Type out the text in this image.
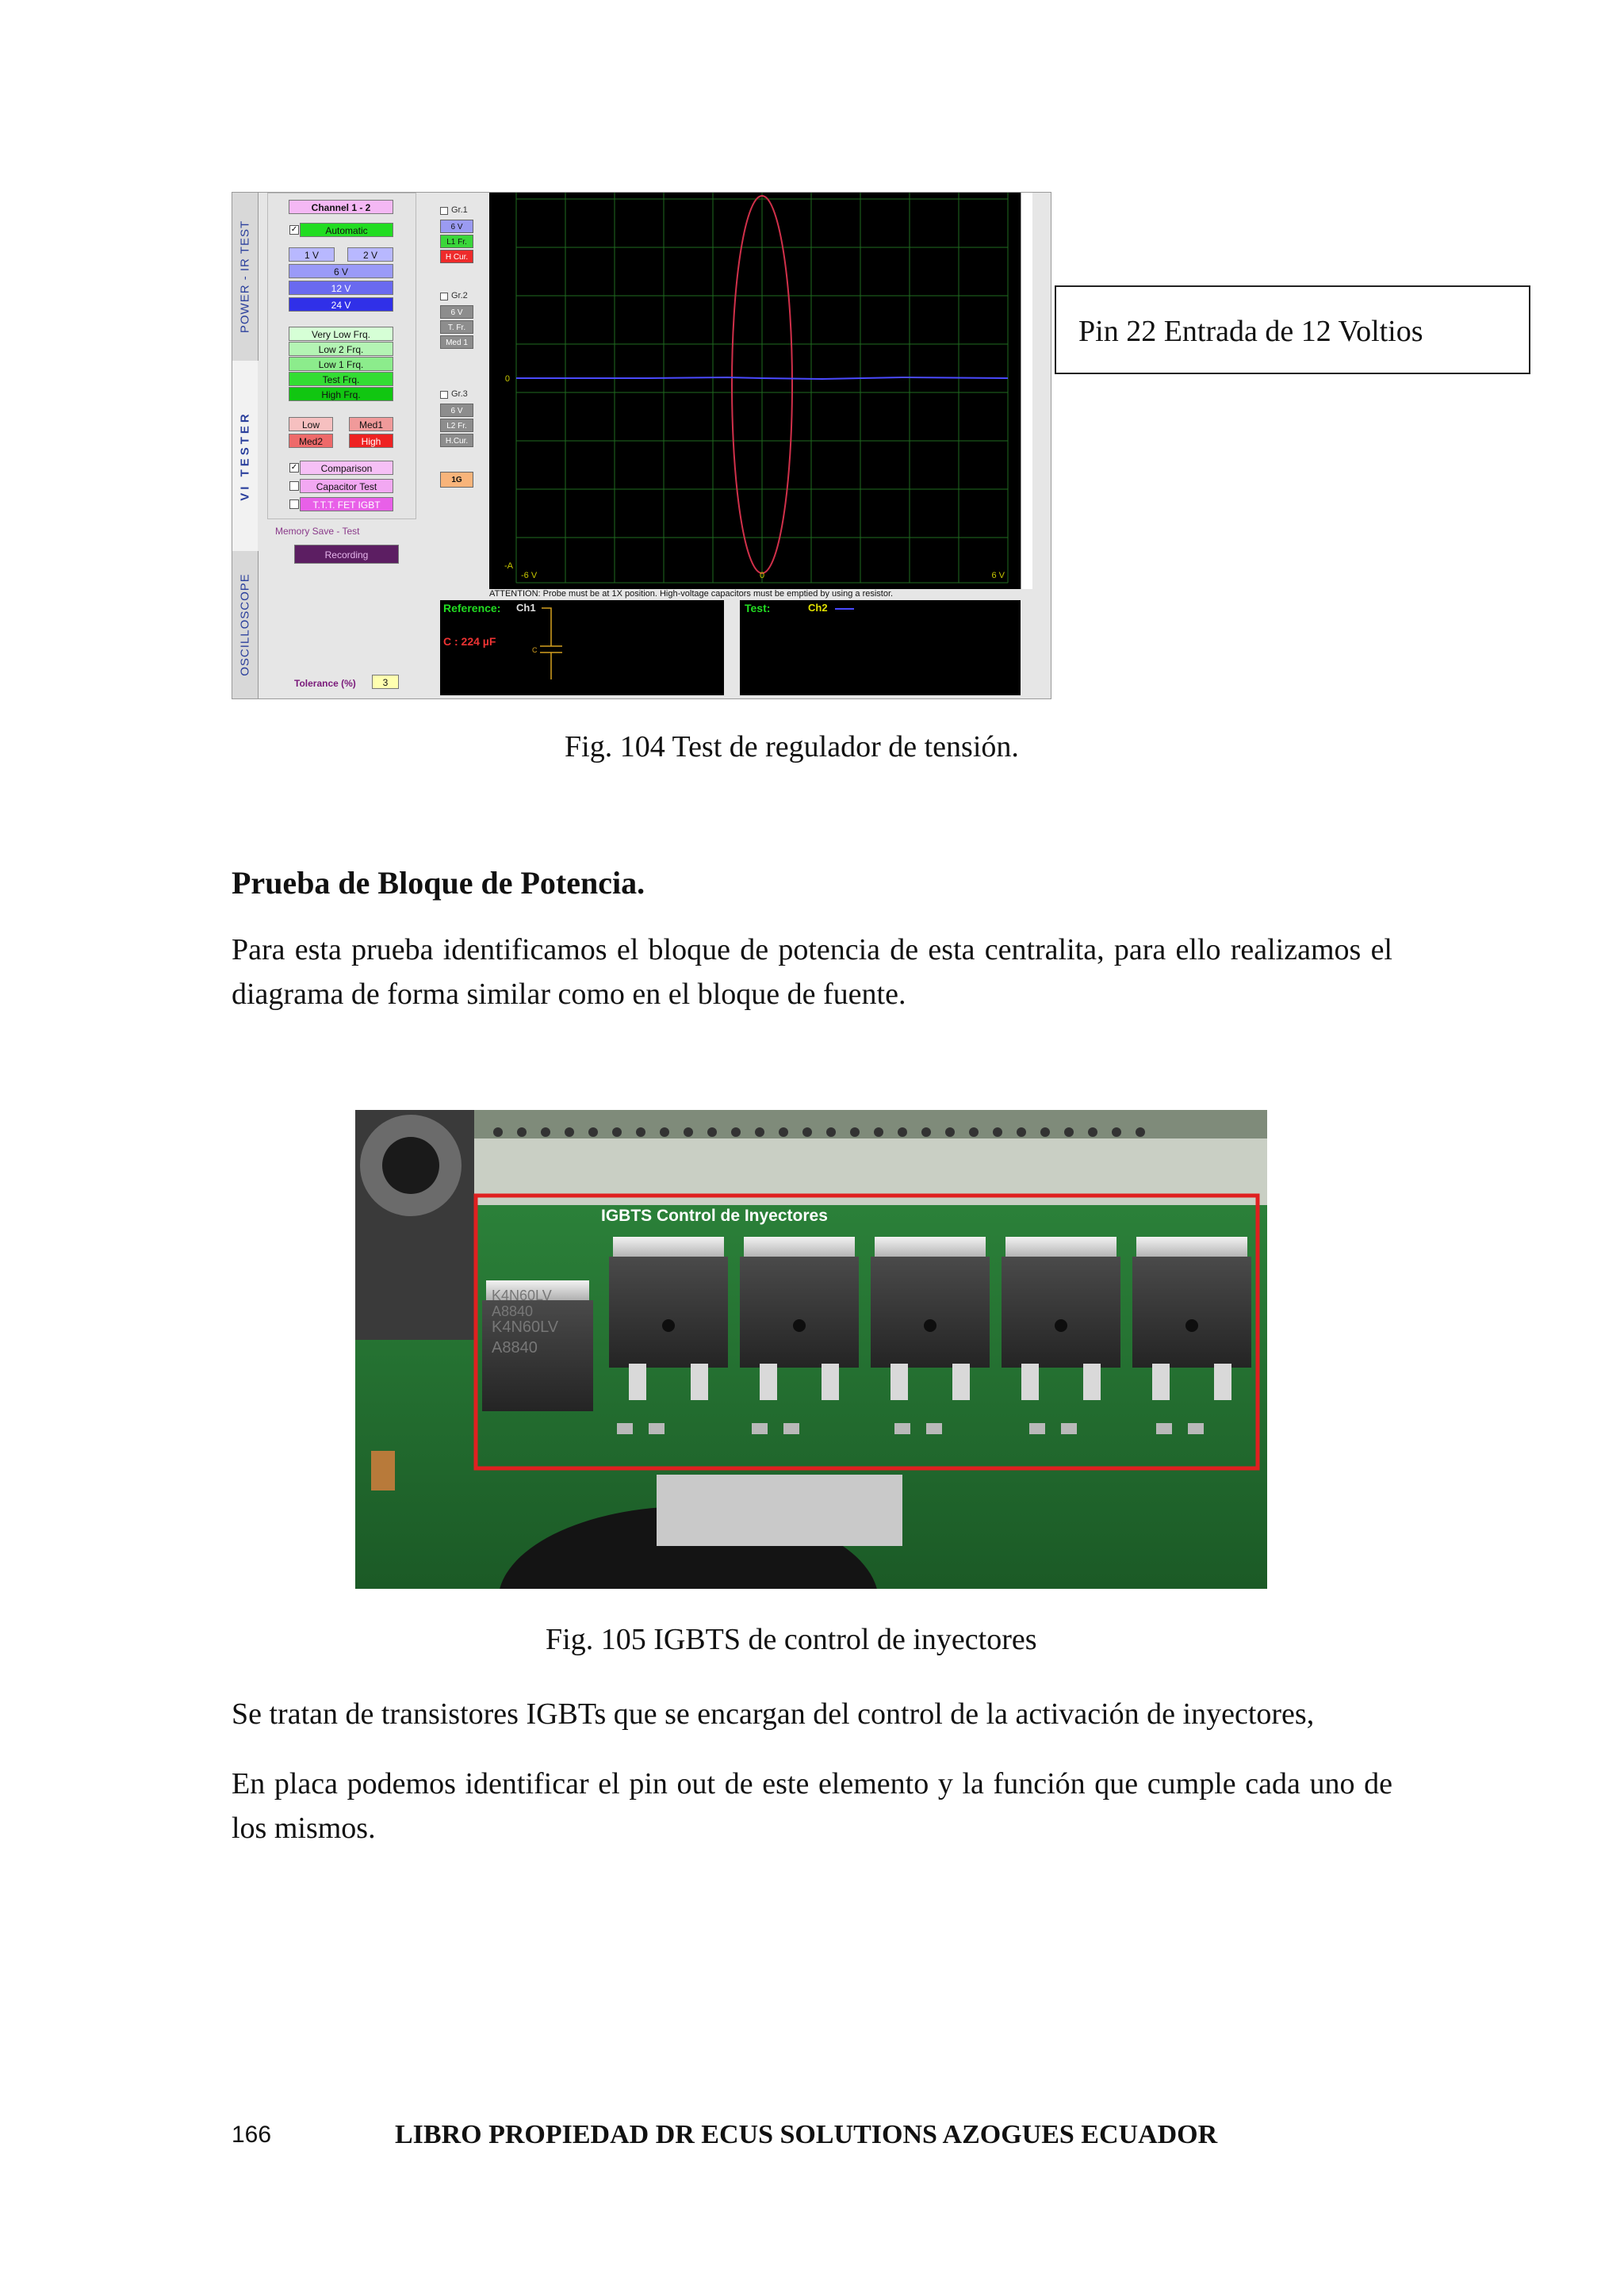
POWER - IR TEST
VI TESTER
OSCILLOSCOPE
Channel 1 - 2
✓	Automatic
1 V	2 V
6 V
12 V
24 V
Very Low Frq.
Low 2 Frq.
Low 1 Frq.
Test Frq.
High Frq.
Low	Med1
Med2	High
✓	Comparison
Capacitor Test
T.T.T. FET IGBT
Memory Save - Test
Recording
Tolerance (%)	3
Gr.1
6 V
L1 Fr.
H Cur.
Gr.2
6 V
T. Fr.
Med 1
Gr.3
6 V
L2 Fr.
H.Cur.
1G
0
-A
-6 V	0	6 V
ATTENTION: Probe must be at 1X position. High-voltage capacitors must be emptied by using a resistor.
Reference: Ch1
C : 224 µF
C
Test:	Ch2
Pin 22 Entrada de 12 Voltios
Fig. 104 Test de regulador de tensión.
Prueba de Bloque de Potencia.
Para esta prueba identificamos el bloque de potencia de esta centralita, para ello realizamos el diagrama de forma similar como en el bloque de fuente.
K4N60LV
A8840
IGBTS Control de Inyectores
K4N60LV
A8840
Fig. 105 IGBTS de control de inyectores
Se tratan de transistores IGBTs que se encargan del control de la activación de inyectores,
En placa podemos identificar el pin out de este elemento y la función que cumple cada uno de los mismos.
166	LIBRO PROPIEDAD DR ECUS SOLUTIONS AZOGUES ECUADOR
